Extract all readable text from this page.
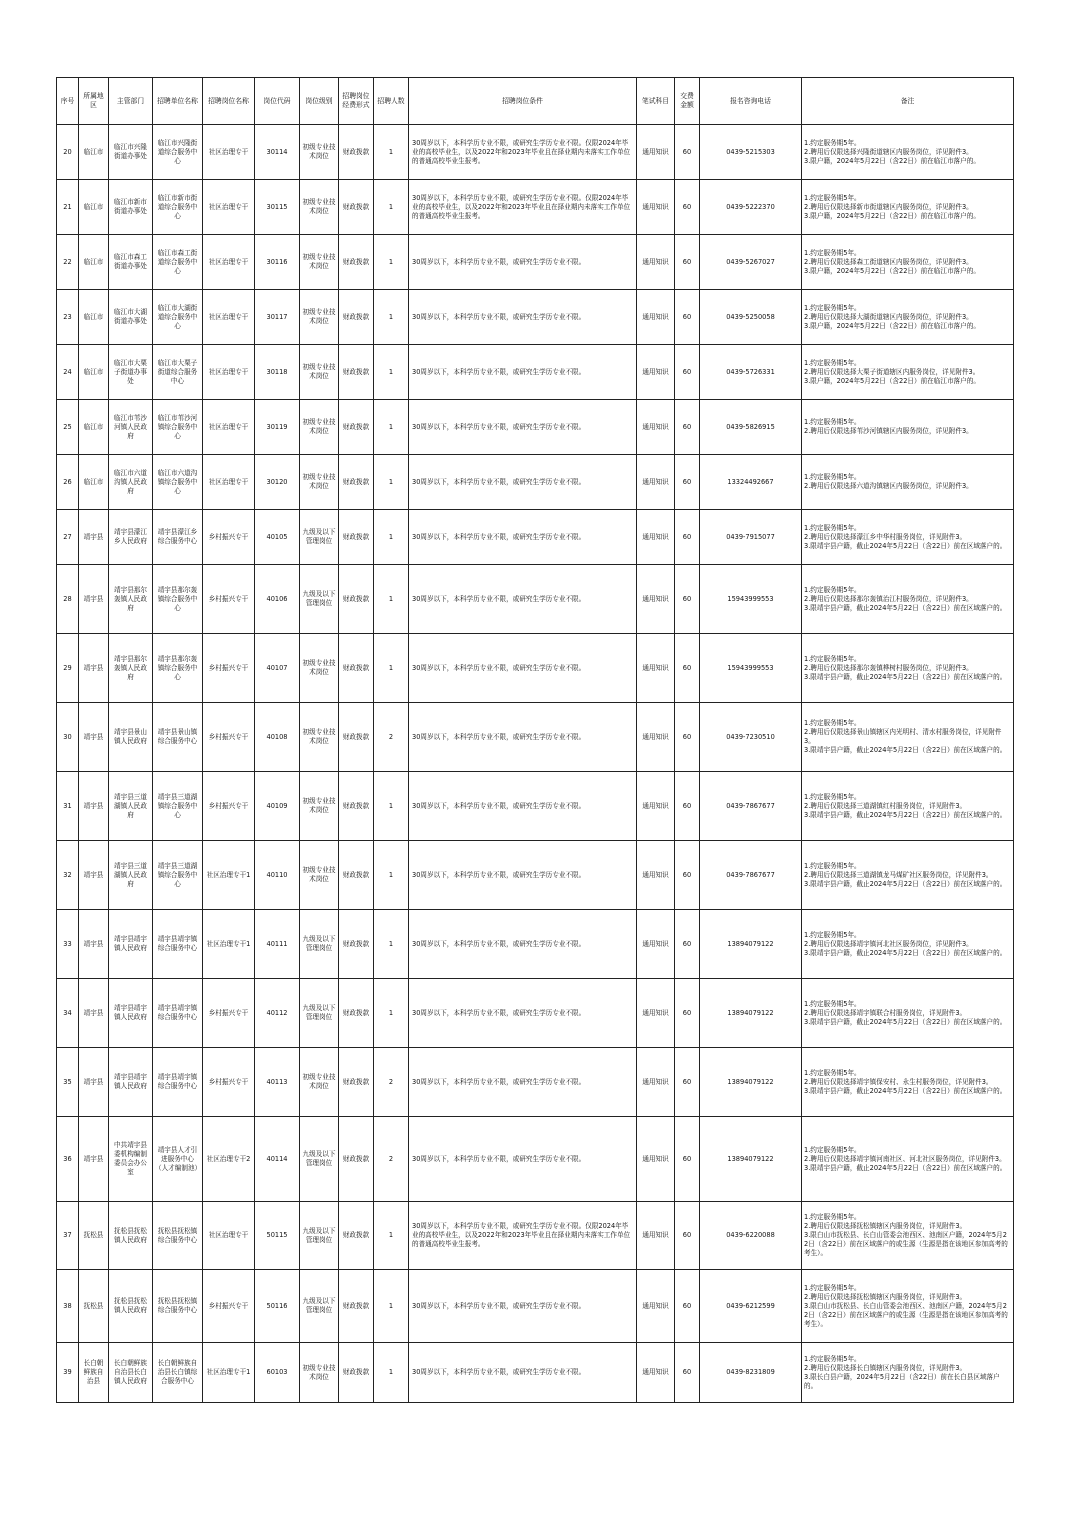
序号	所属地区	主管部门	招聘单位名称	招聘岗位名称	岗位代码	岗位级别	招聘岗位经费形式	招聘人数	招聘岗位条件	笔试科目	交费金额	报名咨询电话	备注
20	临江市	临江市兴隆街道办事处	临江市兴隆街道综合服务中心	社区治理专干	30114	初级专业技术岗位	财政拨款	1	30周岁以下，本科学历专业不限，或研究生学历专业不限。仅限2024年毕业的高校毕业生，以及2022年和2023年毕业且在择业期内未落实工作单位的普通高校毕业生报考。	通用知识	60	0439-5215303	1.约定服务期5年。
2.聘用后仅限选择兴隆街道辖区内服务岗位，详见附件3。
3.限户籍，2024年5月22日（含22日）前在临江市落户的。

21	临江市	临江市新市街道办事处	临江市新市街道综合服务中心	社区治理专干	30115	初级专业技术岗位	财政拨款	1	30周岁以下，本科学历专业不限，或研究生学历专业不限。仅限2024年毕业的高校毕业生，以及2022年和2023年毕业且在择业期内未落实工作单位的普通高校毕业生报考。	通用知识	60	0439-5222370	1.约定服务期5年。
2.聘用后仅限选择新市街道辖区内服务岗位，详见附件3。
3.限户籍，2024年5月22日（含22日）前在临江市落户的。

22	临江市	临江市森工街道办事处	临江市森工街道综合服务中心	社区治理专干	30116	初级专业技术岗位	财政拨款	1	30周岁以下，本科学历专业不限，或研究生学历专业不限。	通用知识	60	0439-5267027	1.约定服务期5年。
2.聘用后仅限选择森工街道辖区内服务岗位，详见附件3。
3.限户籍，2024年5月22日（含22日）前在临江市落户的。

23	临江市	临江市大湖街道办事处	临江市大湖街道综合服务中心	社区治理专干	30117	初级专业技术岗位	财政拨款	1	30周岁以下，本科学历专业不限，或研究生学历专业不限。	通用知识	60	0439-5250058	1.约定服务期5年。
2.聘用后仅限选择大湖街道辖区内服务岗位，详见附件3。
3.限户籍，2024年5月22日（含22日）前在临江市落户的。

24	临江市	临江市大栗子街道办事处	临江市大栗子街道综合服务中心	社区治理专干	30118	初级专业技术岗位	财政拨款	1	30周岁以下，本科学历专业不限，或研究生学历专业不限。	通用知识	60	0439-5726331	1.约定服务期5年。
2.聘用后仅限选择大栗子街道辖区内服务岗位，详见附件3。
3.限户籍，2024年5月22日（含22日）前在临江市落户的。

25	临江市	临江市苇沙河镇人民政府	临江市苇沙河镇综合服务中心	社区治理专干	30119	初级专业技术岗位	财政拨款	1	30周岁以下，本科学历专业不限，或研究生学历专业不限。	通用知识	60	0439-5826915	1.约定服务期5年。
2.聘用后仅限选择苇沙河镇辖区内服务岗位，详见附件3。

26	临江市	临江市六道沟镇人民政府	临江市六道沟镇综合服务中心	社区治理专干	30120	初级专业技术岗位	财政拨款	1	30周岁以下，本科学历专业不限，或研究生学历专业不限。	通用知识	60	13324492667	1.约定服务期5年。
2.聘用后仅限选择六道沟镇辖区内服务岗位，详见附件3。

27	靖宇县	靖宇县濛江乡人民政府	靖宇县濛江乡综合服务中心	乡村振兴专干	40105	九级及以下管理岗位	财政拨款	1	30周岁以下，本科学历专业不限，或研究生学历专业不限。	通用知识	60	0439-7915077	1.约定服务期5年。
2.聘用后仅限选择濛江乡中华村服务岗位，详见附件3。
3.限靖宇县户籍，截止2024年5月22日（含22日）前在区域落户的。

28	靖宇县	靖宇县那尔轰镇人民政府	靖宇县那尔轰镇综合服务中心	乡村振兴专干	40106	九级及以下管理岗位	财政拨款	1	30周岁以下，本科学历专业不限，或研究生学历专业不限。	通用知识	60	15943999553	1.约定服务期5年。
2.聘用后仅限选择那尔轰镇治江村服务岗位，详见附件3。
3.限靖宇县户籍，截止2024年5月22日（含22日）前在区域落户的。

29	靖宇县	靖宇县那尔轰镇人民政府	靖宇县那尔轰镇综合服务中心	乡村振兴专干	40107	初级专业技术岗位	财政拨款	1	30周岁以下，本科学历专业不限，或研究生学历专业不限。	通用知识	60	15943999553	1.约定服务期5年。
2.聘用后仅限选择那尔轰镇桦树村服务岗位，详见附件3。
3.限靖宇县户籍，截止2024年5月22日（含22日）前在区域落户的。

30	靖宇县	靖宇县景山镇人民政府	靖宇县景山镇综合服务中心	乡村振兴专干	40108	初级专业技术岗位	财政拨款	2	30周岁以下，本科学历专业不限，或研究生学历专业不限。	通用知识	60	0439-7230510	1.约定服务期5年。
2.聘用后仅限选择景山镇辖区内光明村、清水村服务岗位，详见附件3。
3.限靖宇县户籍，截止2024年5月22日（含22日）前在区域落户的。

31	靖宇县	靖宇县三道湖镇人民政府	靖宇县三道湖镇综合服务中心	乡村振兴专干	40109	初级专业技术岗位	财政拨款	1	30周岁以下，本科学历专业不限，或研究生学历专业不限。	通用知识	60	0439-7867677	1.约定服务期5年。
2.聘用后仅限选择三道湖镇红村服务岗位，详见附件3。
3.限靖宇县户籍，截止2024年5月22日（含22日）前在区域落户的。

32	靖宇县	靖宇县三道湖镇人民政府	靖宇县三道湖镇综合服务中心	社区治理专干1	40110	初级专业技术岗位	财政拨款	1	30周岁以下，本科学历专业不限，或研究生学历专业不限。	通用知识	60	0439-7867677	1.约定服务期5年。
2.聘用后仅限选择三道湖镇龙马煤矿社区服务岗位，详见附件3。
3.限靖宇县户籍，截止2024年5月22日（含22日）前在区域落户的。

33	靖宇县	靖宇县靖宇镇人民政府	靖宇县靖宇镇综合服务中心	社区治理专干1	40111	九级及以下管理岗位	财政拨款	1	30周岁以下，本科学历专业不限，或研究生学历专业不限。	通用知识	60	13894079122	1.约定服务期5年。
2.聘用后仅限选择靖宇镇河北社区服务岗位，详见附件3。
3.限靖宇县户籍，截止2024年5月22日（含22日）前在区域落户的。

34	靖宇县	靖宇县靖宇镇人民政府	靖宇县靖宇镇综合服务中心	乡村振兴专干	40112	九级及以下管理岗位	财政拨款	1	30周岁以下，本科学历专业不限，或研究生学历专业不限。	通用知识	60	13894079122	1.约定服务期5年。
2.聘用后仅限选择靖宇镇联合村服务岗位，详见附件3。
3.限靖宇县户籍，截止2024年5月22日（含22日）前在区域落户的。

35	靖宇县	靖宇县靖宇镇人民政府	靖宇县靖宇镇综合服务中心	乡村振兴专干	40113	初级专业技术岗位	财政拨款	2	30周岁以下，本科学历专业不限，或研究生学历专业不限。	通用知识	60	13894079122	1.约定服务期5年。
2.聘用后仅限选择靖宇镇保安村、永生村服务岗位，详见附件3。
3.限靖宇县户籍，截止2024年5月22日（含22日）前在区域落户的。

36	靖宇县	中共靖宇县委机构编制委员会办公室	靖宇县人才引进服务中心（人才编制池）	社区治理专干2	40114	九级及以下管理岗位	财政拨款	2	30周岁以下，本科学历专业不限，或研究生学历专业不限。	通用知识	60	13894079122	1.约定服务期5年。
2.聘用后仅限选择靖宇镇河南社区、河北社区服务岗位，详见附件3。
3.限靖宇县户籍，截止2024年5月22日（含22日）前在区域落户的。

37	抚松县	抚松县抚松镇人民政府	抚松县抚松镇综合服务中心	社区治理专干	50115	九级及以下管理岗位	财政拨款	1	30周岁以下，本科学历专业不限，或研究生学历专业不限。仅限2024年毕业的高校毕业生，以及2022年和2023年毕业且在择业期内未落实工作单位的普通高校毕业生报考。	通用知识	60	0439-6220088	1.约定服务期5年。
2.聘用后仅限选择抚松镇辖区内服务岗位，详见附件3。
3.限白山市抚松县、长白山管委会池西区、池南区户籍，2024年5月22日（含22日）前在区域落户的或生源（生源是指在该地区参加高考的考生）。

38	抚松县	抚松县抚松镇人民政府	抚松县抚松镇综合服务中心	乡村振兴专干	50116	九级及以下管理岗位	财政拨款	1	30周岁以下，本科学历专业不限，或研究生学历专业不限。	通用知识	60	0439-6212599	1.约定服务期5年。
2.聘用后仅限选择抚松镇辖区内服务岗位，详见附件3。
3.限白山市抚松县、长白山管委会池西区、池南区户籍，2024年5月22日（含22日）前在区域落户的或生源（生源是指在该地区参加高考的考生）。

39	长白朝鲜族自治县	长白朝鲜族自治县长白镇人民政府	长白朝鲜族自治县长白镇综合服务中心	社区治理专干1	60103	初级专业技术岗位	财政拨款	1	30周岁以下，本科学历专业不限，或研究生学历专业不限。	通用知识	60	0439-8231809	1.约定服务期5年。
2.聘用后仅限选择长白镇辖区内服务岗位，详见附件3。
3.限长白县户籍，2024年5月22日（含22日）前在长白县区域落户的。
